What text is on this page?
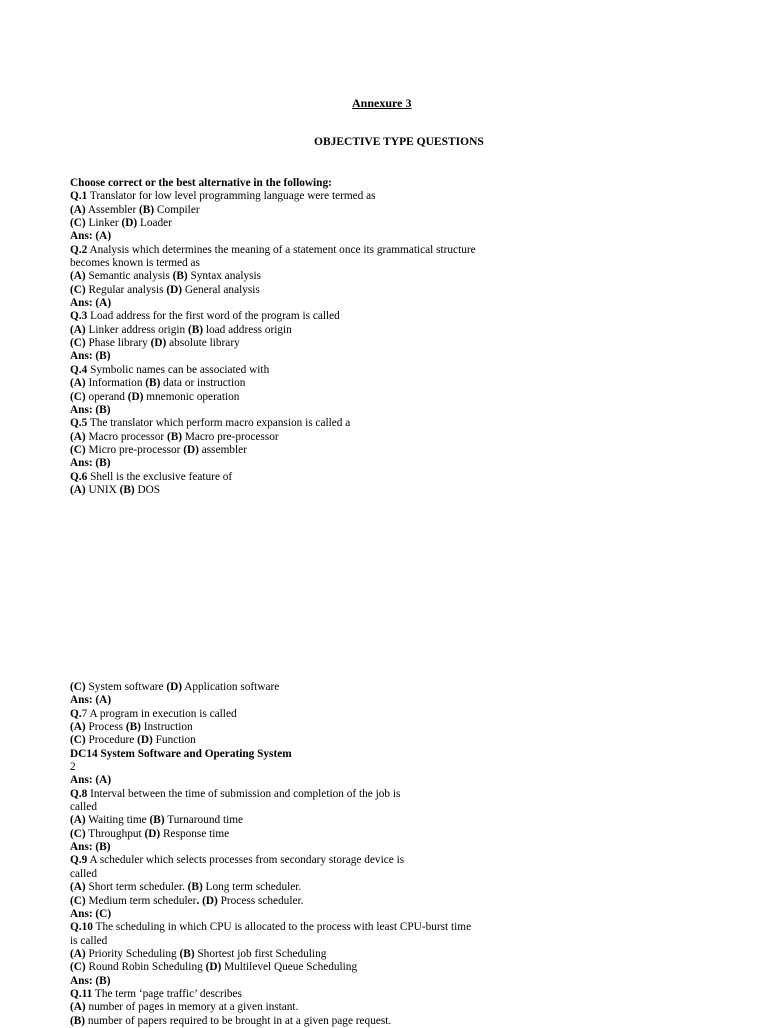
Annexure 3
OBJECTIVE TYPE QUESTIONS
Choose correct or the best alternative in the following:
Q.1 Translator for low level programming language were termed as
(A) Assembler (B) Compiler
(C) Linker (D) Loader
Ans: (A)
Q.2 Analysis which determines the meaning of a statement once its grammatical structure
becomes known is termed as
(A) Semantic analysis (B) Syntax analysis
(C) Regular analysis (D) General analysis
Ans: (A)
Q.3 Load address for the first word of the program is called
(A) Linker address origin (B) load address origin
(C) Phase library (D) absolute library
Ans: (B)
Q.4 Symbolic names can be associated with
(A) Information (B) data or instruction
(C) operand (D) mnemonic operation
Ans: (B)
Q.5 The translator which perform macro expansion is called a
(A) Macro processor (B) Macro pre-processor
(C) Micro pre-processor (D) assembler
Ans: (B)
Q.6 Shell is the exclusive feature of
(A) UNIX (B) DOS
(C) System software (D) Application software
Ans: (A)
Q.7 A program in execution is called
(A) Process (B) Instruction
(C) Procedure (D) Function
DC14 System Software and Operating System
2
Ans: (A)
Q.8 Interval between the time of submission and completion of the job is
called
(A) Waiting time (B) Turnaround time
(C) Throughput (D) Response time
Ans: (B)
Q.9 A scheduler which selects processes from secondary storage device is
called
(A) Short term scheduler. (B) Long term scheduler.
(C) Medium term scheduler. (D) Process scheduler.
Ans: (C)
Q.10 The scheduling in which CPU is allocated to the process with least CPU-burst time
is called
(A) Priority Scheduling (B) Shortest job first Scheduling
(C) Round Robin Scheduling (D) Multilevel Queue Scheduling
Ans: (B)
Q.11 The term ‘page traffic’ describes
(A) number of pages in memory at a given instant.
(B) number of papers required to be brought in at a given page request.
